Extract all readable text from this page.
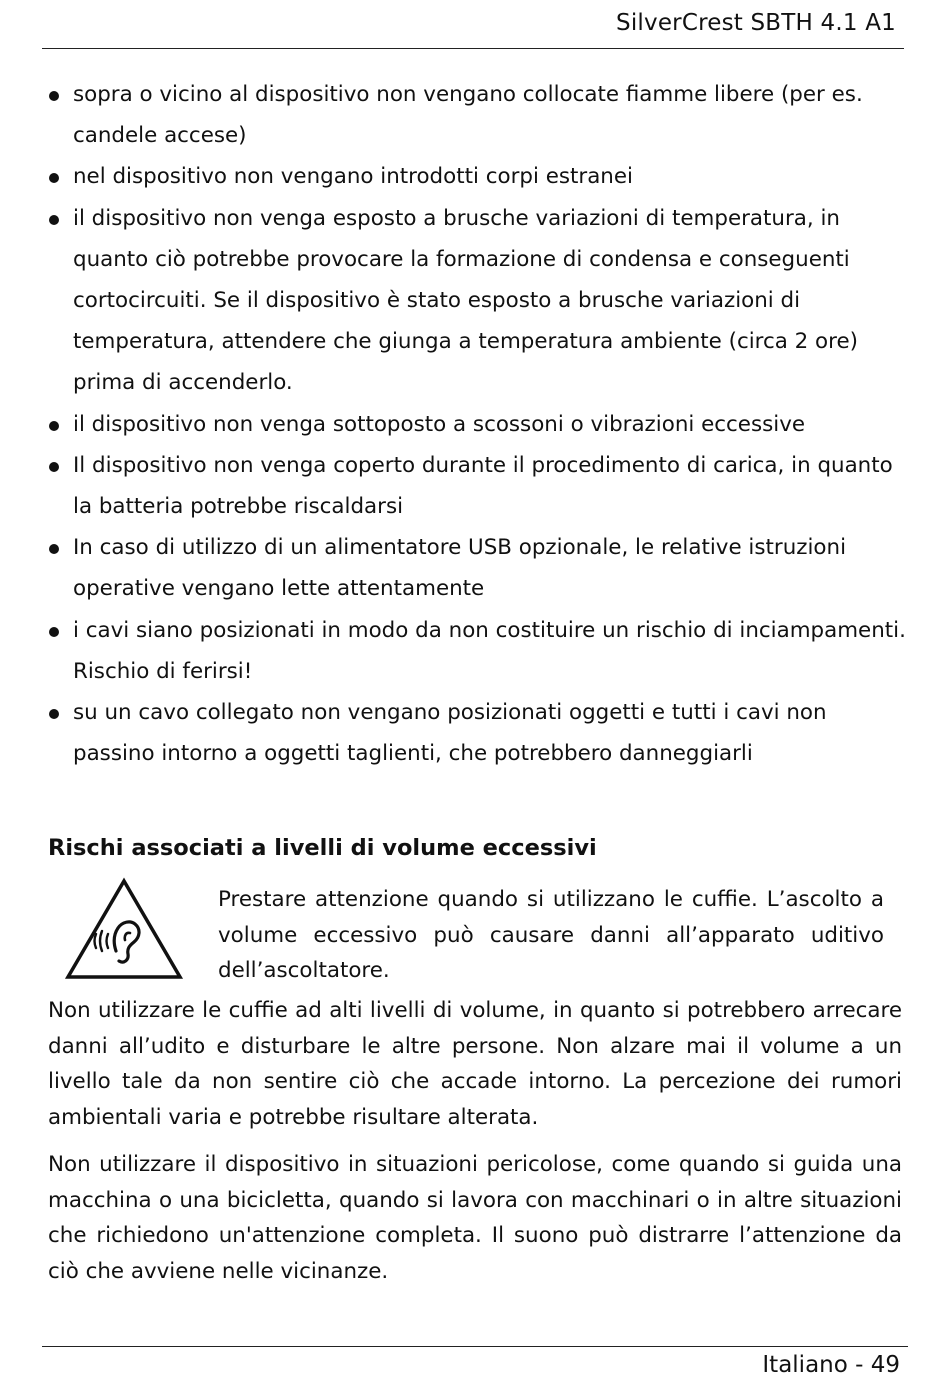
SilverCrest SBTH 4.1 A1
sopra o vicino al dispositivo non vengano collocate fiamme libere (per es. candele accese)
nel dispositivo non vengano introdotti corpi estranei
il dispositivo non venga esposto a brusche variazioni di temperatura, in quanto ciò potrebbe provocare la formazione di condensa e conseguenti cortocircuiti. Se il dispositivo è stato esposto a brusche variazioni di temperatura, attendere che giunga a temperatura ambiente (circa 2 ore) prima di accenderlo.
il dispositivo non venga sottoposto a scossoni o vibrazioni eccessive
Il dispositivo non venga coperto durante il procedimento di carica, in quanto la batteria potrebbe riscaldarsi
In caso di utilizzo di un alimentatore USB opzionale, le relative istruzioni operative vengano lette attentamente
i cavi siano posizionati in modo da non costituire un rischio di inciampamenti. Rischio di ferirsi!
su un cavo collegato non vengano posizionati oggetti e tutti i cavi non passino intorno a oggetti taglienti, che potrebbero danneggiarli
Rischi associati a livelli di volume eccessivi

Prestare attenzione quando si utilizzano le cuffie. L’ascolto a volume eccessivo può causare danni all’apparato uditivo dell’ascoltatore.

Non utilizzare le cuffie ad alti livelli di volume, in quanto si potrebbero arrecare danni all’udito e disturbare le altre persone. Non alzare mai il volume a un livello tale da non sentire ciò che accade intorno. La percezione dei rumori ambientali varia e potrebbe risultare alterata.

Non utilizzare il dispositivo in situazioni pericolose, come quando si guida una macchina o una bicicletta, quando si lavora con macchinari o in altre situazioni che richiedono un'attenzione completa. Il suono può distrarre l’attenzione da ciò che avviene nelle vicinanze.

Italiano - 49
